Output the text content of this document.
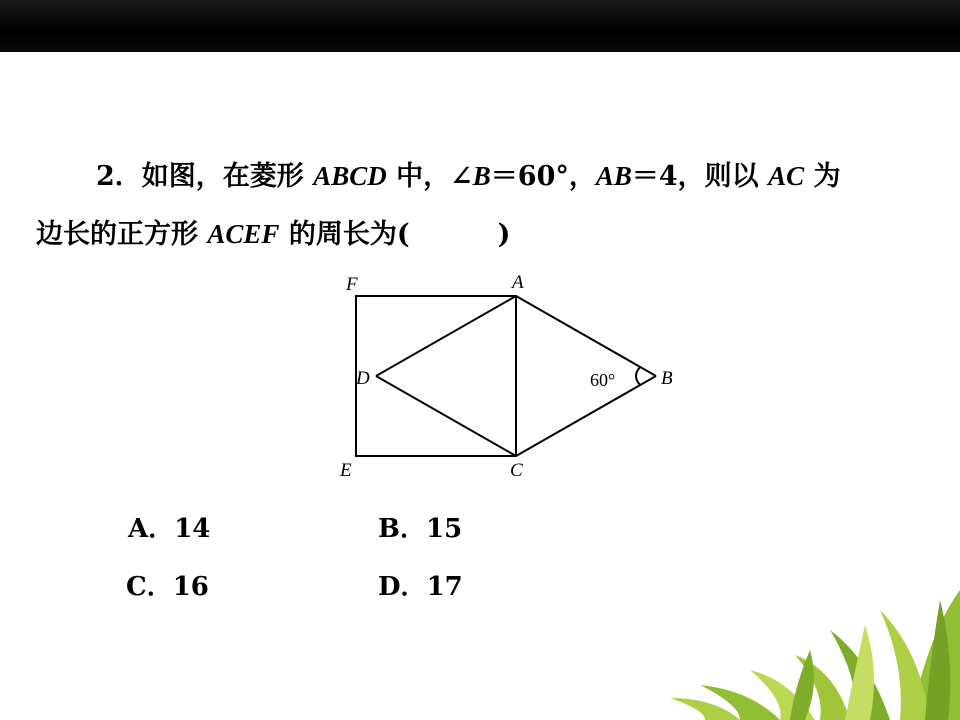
2．如图，在菱形 ABCD 中，∠B＝60°，AB＝4，则以 AC 为
边长的正方形 ACEF 的周长为(	)
F	A
D	B
E	C
60°
A．14	B．15
C．16	D．17
